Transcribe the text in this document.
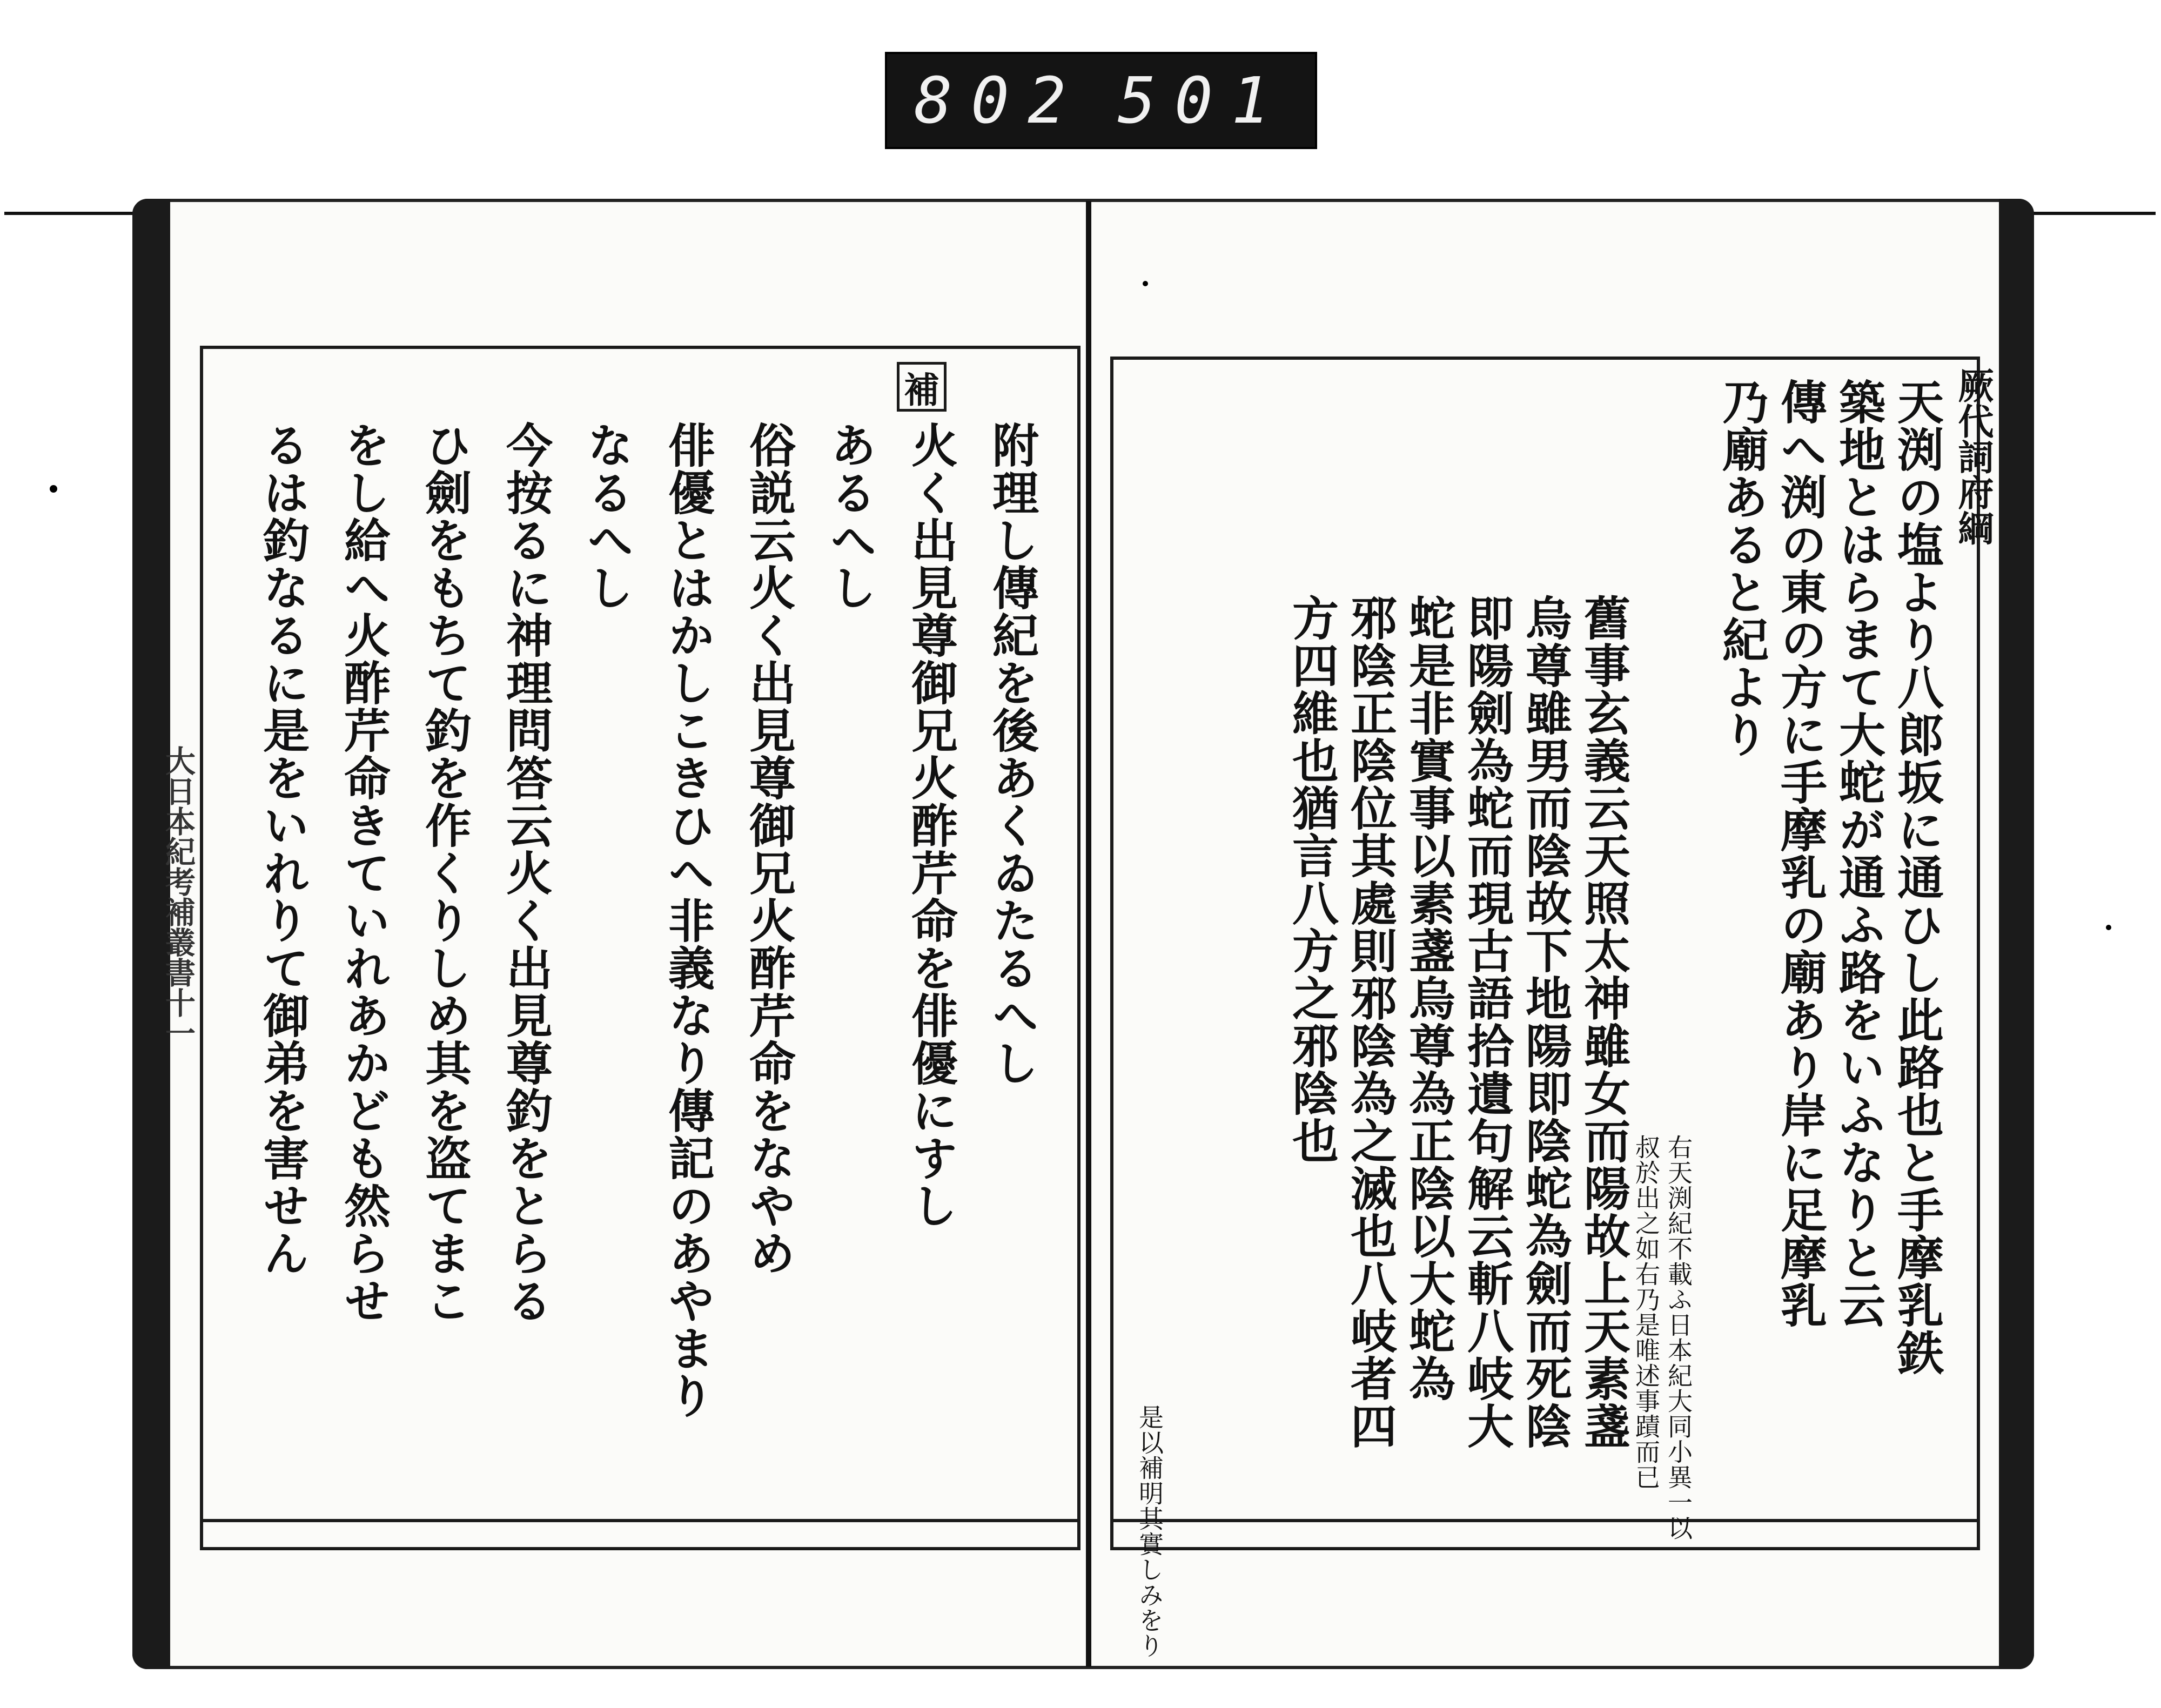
802 501
厥代詞府綱
天渕の塩より八郎坂に通ひし此路也と手摩乳鉄
築地とはらまて大蛇が通ふ路をいふなりと云
傳へ渕の東の方に手摩乳の廟あり岸に足摩乳
乃廟あると紀より
右天渕紀不載ふ日本紀大同小異一以
叔於出之如右乃是唯述事蹟而已
舊事玄義云天照太神雖女而陽故上天素盞
烏尊雖男而陰故下地陽即陰蛇為劍而死陰
即陽劍為蛇而現古語拾遺句解云斬八岐大
蛇是非實事以素盞烏尊為正陰以大蛇為
邪陰正陰位其處則邪陰為之滅也八岐者四
方四維也猶言八方之邪陰也
是以補明其實しみをり
補
附理し傳紀を後あくゐたるへし
火く出見尊御兄火酢芹命を俳優にすし
あるへし
俗説云火く出見尊御兄火酢芹命をなやめ
俳優とはかしこきひへ非義なり傳記のあやまり
なるへし
今按るに神理問答云火く出見尊釣をとらる
ひ劍をもちて釣を作くりしめ其を盗てまこ
をし給へ火酢芹命きていれあかども然らせ
るは釣なるに是をいれりて御弟を害せん
大日本紀考補叢書十一
